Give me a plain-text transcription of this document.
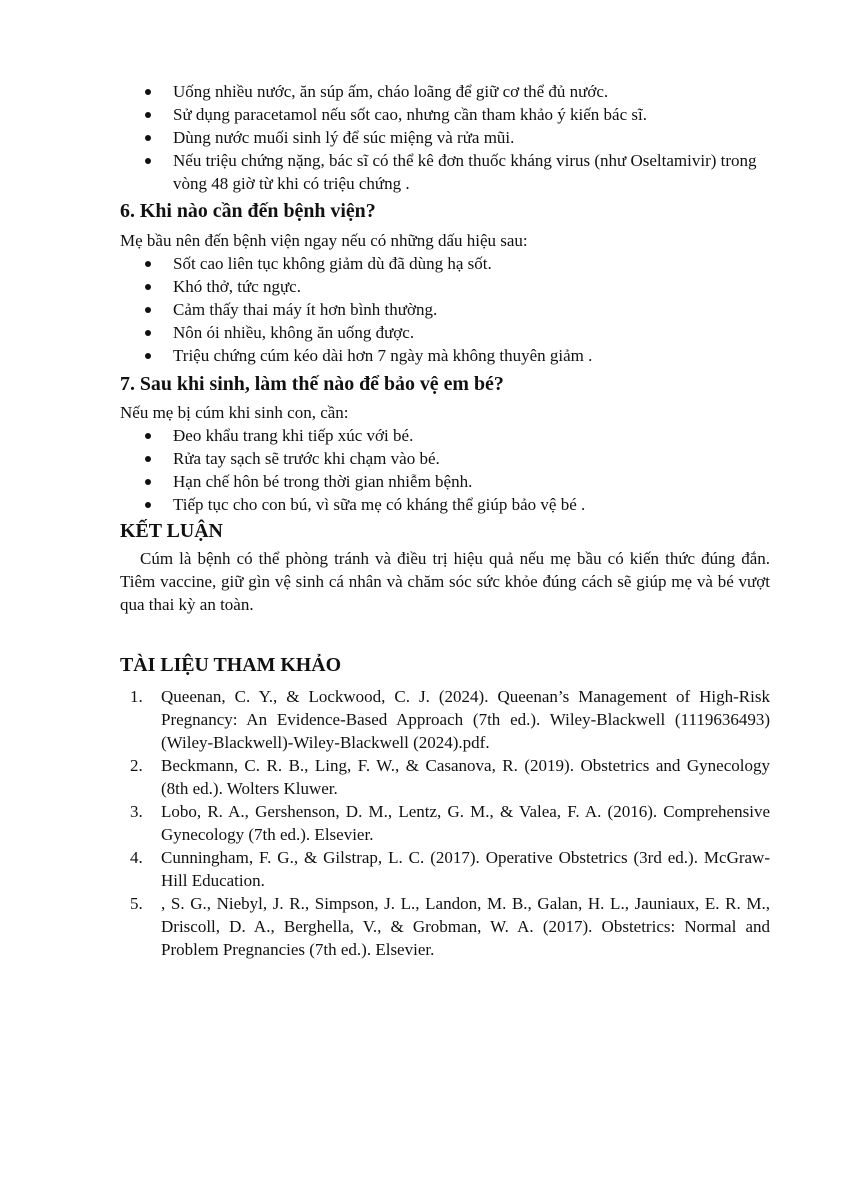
Uống nhiều nước, ăn súp ấm, cháo loãng để giữ cơ thể đủ nước.
Sử dụng paracetamol nếu sốt cao, nhưng cần tham khảo ý kiến bác sĩ.
Dùng nước muối sinh lý để súc miệng và rửa mũi.
Nếu triệu chứng nặng, bác sĩ có thể kê đơn thuốc kháng virus (như Oseltamivir) trong vòng 48 giờ từ khi có triệu chứng .
6. Khi nào cần đến bệnh viện?

Mẹ bầu nên đến bệnh viện ngay nếu có những dấu hiệu sau:

Sốt cao liên tục không giảm dù đã dùng hạ sốt.
Khó thở, tức ngực.
Cảm thấy thai máy ít hơn bình thường.
Nôn ói nhiều, không ăn uống được.
Triệu chứng cúm kéo dài hơn 7 ngày mà không thuyên giảm .
7. Sau khi sinh, làm thế nào để bảo vệ em bé?

Nếu mẹ bị cúm khi sinh con, cần:

Đeo khẩu trang khi tiếp xúc với bé.
Rửa tay sạch sẽ trước khi chạm vào bé.
Hạn chế hôn bé trong thời gian nhiễm bệnh.
Tiếp tục cho con bú, vì sữa mẹ có kháng thể giúp bảo vệ bé .
KẾT LUẬN

Cúm là bệnh có thể phòng tránh và điều trị hiệu quả nếu mẹ bầu có kiến thức đúng đắn. Tiêm vaccine, giữ gìn vệ sinh cá nhân và chăm sóc sức khỏe đúng cách sẽ giúp mẹ và bé vượt qua thai kỳ an toàn.

TÀI LIỆU THAM KHẢO
1. Queenan, C. Y., & Lockwood, C. J. (2024). Queenan’s Management of High-Risk Pregnancy: An Evidence-Based Approach (7th ed.). Wiley-Blackwell (1119636493) (Wiley-Blackwell)-Wiley-Blackwell (2024).pdf.
2. Beckmann, C. R. B., Ling, F. W., & Casanova, R. (2019). Obstetrics and Gynecology (8th ed.). Wolters Kluwer.
3. Lobo, R. A., Gershenson, D. M., Lentz, G. M., & Valea, F. A. (2016). Comprehensive Gynecology (7th ed.). Elsevier.
4. Cunningham, F. G., & Gilstrap, L. C. (2017). Operative Obstetrics (3rd ed.). McGraw-Hill Education.
5. , S. G., Niebyl, J. R., Simpson, J. L., Landon, M. B., Galan, H. L., Jauniaux, E. R. M., Driscoll, D. A., Berghella, V., & Grobman, W. A. (2017). Obstetrics: Normal and Problem Pregnancies (7th ed.). Elsevier.
